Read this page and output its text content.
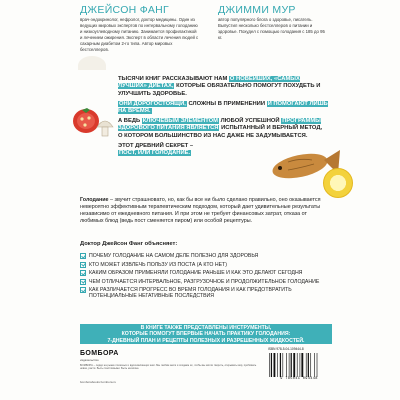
ДЖЕЙСОН ФАНГ
врач-эндокринолог, нефролог, доктор медицины. Один из ведущих мировых экспертов по интервальному голоданию и низкоуглеводному питанию. Занимается профилактикой и лечением ожирения. Эксперт в области лечения людей с сахарным диабетом 2-го типа. Автор мировых бестселлеров.
ДЖИММИ МУР
автор популярного блога о здоровье, писатель. Выпустил несколько бестселлеров о питании и здоровье. Похудел с помощью голодания с 185 до 95 кг.

ТЫСЯЧИ КНИГ РАССКАЗЫВАЮТ НАМ О НОВЕЙШИХ, «САМЫХ ЛУЧШИХ» ДИЕТАХ, КОТОРЫЕ ОБЯЗАТЕЛЬНО ПОМОГУТ ПОХУДЕТЬ И УЛУЧШИТЬ ЗДОРОВЬЕ.

ОНИ ДОРОГОСТОЯЩИ, СЛОЖНЫ В ПРИМЕНЕНИИ И ПОМОГАЮТ ЛИШЬ НА ВРЕМЯ.

А ВЕДЬ КЛЮЧЕВЫМ ЭЛЕМЕНТОМ ЛЮБОЙ УСПЕШНОЙ ПРОГРАММЫ ЗДОРОВОГО ПИТАНИЯ ЯВЛЯЕТСЯ ИСПЫТАННЫЙ И ВЕРНЫЙ МЕТОД, О КОТОРОМ БОЛЬШИНСТВО ИЗ НАС ДАЖЕ НЕ ЗАДУМЫВАЕТСЯ.

ЭТОТ ДРЕВНИЙ СЕКРЕТ –
ПОСТ, ИЛИ ГОЛОДАНИЕ.

Голодание – звучит страшновато, но, как бы все ни было сделано правильно, оно оказывается невероятно эффективным терапевтическим подходом, который дает удивительные результаты независимо от ежедневного питания. И при этом не требует финансовых затрат, отказа от любимых блюд (ведь пост сменяется пиром) или особой рецептуры.
Доктор Джейсон Фанг объясняет:
ПОЧЕМУ ГОЛОДАНИЕ НА САМОМ ДЕЛЕ ПОЛЕЗНО ДЛЯ ЗДОРОВЬЯ
КТО МОЖЕТ ИЗВЛЕЧЬ ПОЛЬЗУ ИЗ ПОСТА (А КТО НЕТ)
КАКИМ ОБРАЗОМ ПРИМЕНЯЛИ ГОЛОДАНИЕ РАНЬШЕ И КАК ЭТО ДЕЛАЮТ СЕГОДНЯ
ЧЕМ ОТЛИЧАЕТСЯ ИНТЕРВАЛЬНОЕ, РАЗГРУЗОЧНОЕ И ПРОДОЛЖИТЕЛЬНОЕ ГОЛОДАНИЕ
КАК РАЗЛИЧАЕТСЯ ПРОГРЕСС ВО ВРЕМЯ ГОЛОДАНИЯ И КАК ПРЕДОТВРАТИТЬ ПОТЕНЦИАЛЬНЫЕ НЕГАТИВНЫЕ ПОСЛЕДСТВИЯ
В КНИГЕ ТАКЖЕ ПРЕДСТАВЛЕНЫ ИНСТРУМЕНТЫ,
КОТОРЫЕ ПОМОГУТ ВПЕРВЫЕ НАЧАТЬ ПРАКТИКУ ГОЛОДАНИЯ:
7-ДНЕВНЫЙ ПЛАН И РЕЦЕПТЫ ПОЛЕЗНЫХ И РАЗРЕШЕННЫХ ЖИДКОСТЕЙ.
БОМБОРА
издательство
БОМБОРА – лидер на рынке полезных и вдохновляющих книг. Мы любим книги и создаем их, чтобы вы могли творить, открывать мир, пробовать новое, расти. Быть счастливыми. Быть на волне.
bomborabooks bombora.ru
ISBN 978-5-04-109444-8
9 785041 094448
